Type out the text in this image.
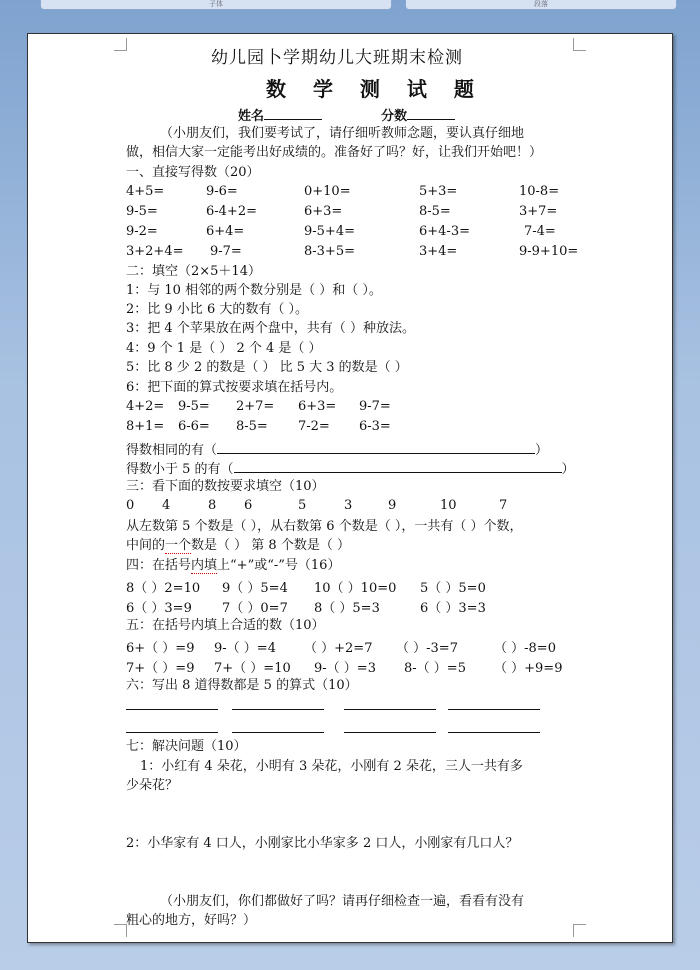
子体	段落
幼儿园卜学期幼儿大班期末检测
数 学 测 试 题
姓名	分数
（小朋友们，我们要考试了，请仔细听教师念题，要认真仔细地
做，相信大家一定能考出好成绩的。准备好了吗？好，让我们开始吧！）
一、直接写得数（20）
4+5=	9-6=	0+10=	5+3=	10-8=
9-5=	6-4+2=	6+3=	8-5=	3+7=
9-2=	6+4=	9-5+4=	6+4-3=	7-4=
3+2+4= 9-7=	8-3+5=	3+4=	9-9+10=
二：填空（2×5＋14）
1：与 10 相邻的两个数分别是（ ）和（ ）。
2：比 9 小比 6 大的数有（ ）。
3：把 4 个苹果放在两个盘中，共有（ ）种放法。
4：9 个 1 是（ ） 2 个 4 是（ ）
5：比 8 少 2 的数是（ ） 比 5 大 3 的数是（ ）
6：把下面的算式按要求填在括号内。
4+2= 9-5= 2+7= 6+3= 9-7=
8+1= 6-6= 8-5= 7-2= 6-3=
得数相同的有（	）
得数小于 5 的有（	）
三：看下面的数按要求填空（10）
0 4	8 6	5	3	9	10	7
从左数第 5 个数是（ ），从右数第 6 个数是（ ），一共有（ ）个数，
中间的一个数是（ ） 第 8 个数是（ ）
四：在括号内填上“+”或“-”号（16）
8（ ）2=10 9（ ）5=4 10（ ）10=0 5（ ）5=0
6（ ）3=9 7（ ）0=7 8（ ）5=3	6（ ）3=3
五：在括号内填上合适的数（10）
6+（ ）=9 9-（ ）=4 （ ）+2=7 （ ）-3=7	（ ）-8=0
7+（ ）=9 7+（ ）=10 9-（ ）=3 8-（ ）=5 （ ）+9=9
六：写出 8 道得数都是 5 的算式（10）
七：解决问题（10）
1：小红有 4 朵花，小明有 3 朵花，小刚有 2 朵花，三人一共有多
少朵花？
2：小华家有 4 口人，小刚家比小华家多 2 口人，小刚家有几口人？
（小朋友们，你们都做好了吗？请再仔细检查一遍，看看有没有
粗心的地方，好吗？）
